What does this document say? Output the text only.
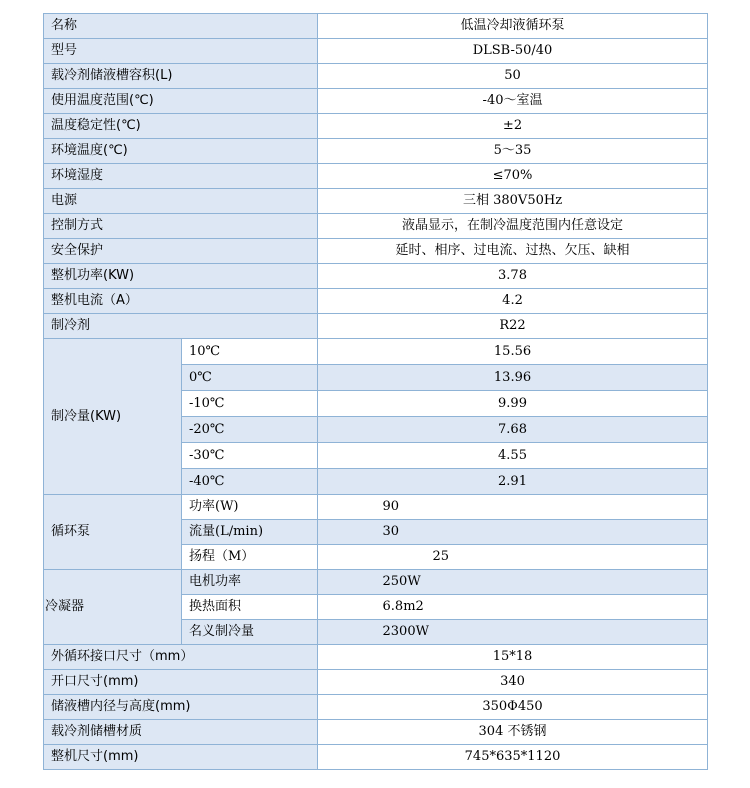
名称		低温冷却液循环泵
型号		DLSB-50/40
载冷剂储液槽容积(L)		50
使用温度范围(℃)		-40～室温
温度稳定性(℃)		±2
环境温度(℃)		5～35
环境湿度		≤70%
电源		三相 380V50Hz
控制方式		液晶显示，在制冷温度范围内任意设定
安全保护		延时、相序、过电流、过热、欠压、缺相
整机功率(KW)		3.78
整机电流（A）		4.2
制冷剂		R22
制冷量(KW)	10℃	15.56
	0℃	13.96
	-10℃	9.99
	-20℃	7.68
	-30℃	4.55
	-40℃	2.91
循环泵	功率(W)	90
	流量(L/min)	30
	扬程（M）	25
冷凝器	电机功率	250W
	换热面积	6.8m2
	名义制冷量	2300W
外循环接口尺寸（mm）		15*18
开口尺寸(mm)		340
储液槽内径与高度(mm)		350Φ450
载冷剂储槽材质		304 不锈钢
整机尺寸(mm)		745*635*1120
